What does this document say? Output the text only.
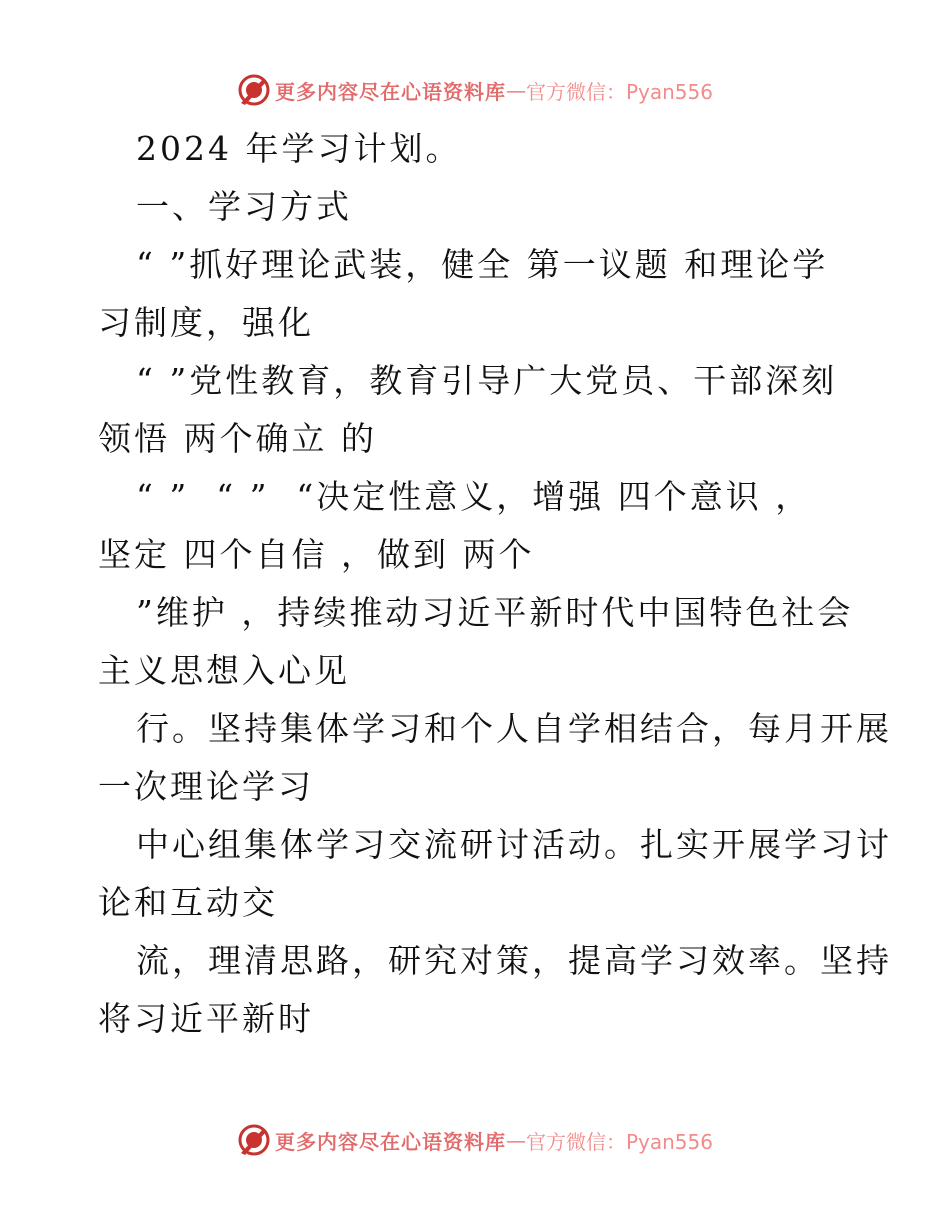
更多内容尽在心语资料库 — 官方微信：Pyan556
2024 年学习计划。
一、学习方式
“ ”抓好理论武装，健全 第一议题 和理论学
习制度，强化
“ ”党性教育，教育引导广大党员、干部深刻
领悟 两个确立 的
“ ”  “ ”  “决定性意义，增强 四个意识 ，
坚定 四个自信 ，做到 两个
”维护 ，持续推动习近平新时代中国特色社会
主义思想入心见
行。坚持集体学习和个人自学相结合，每月开展
一次理论学习
中心组集体学习交流研讨活动。扎实开展学习讨
论和互动交
流，理清思路，研究对策，提高学习效率。坚持
将习近平新时
更多内容尽在心语资料库 — 官方微信：Pyan556
